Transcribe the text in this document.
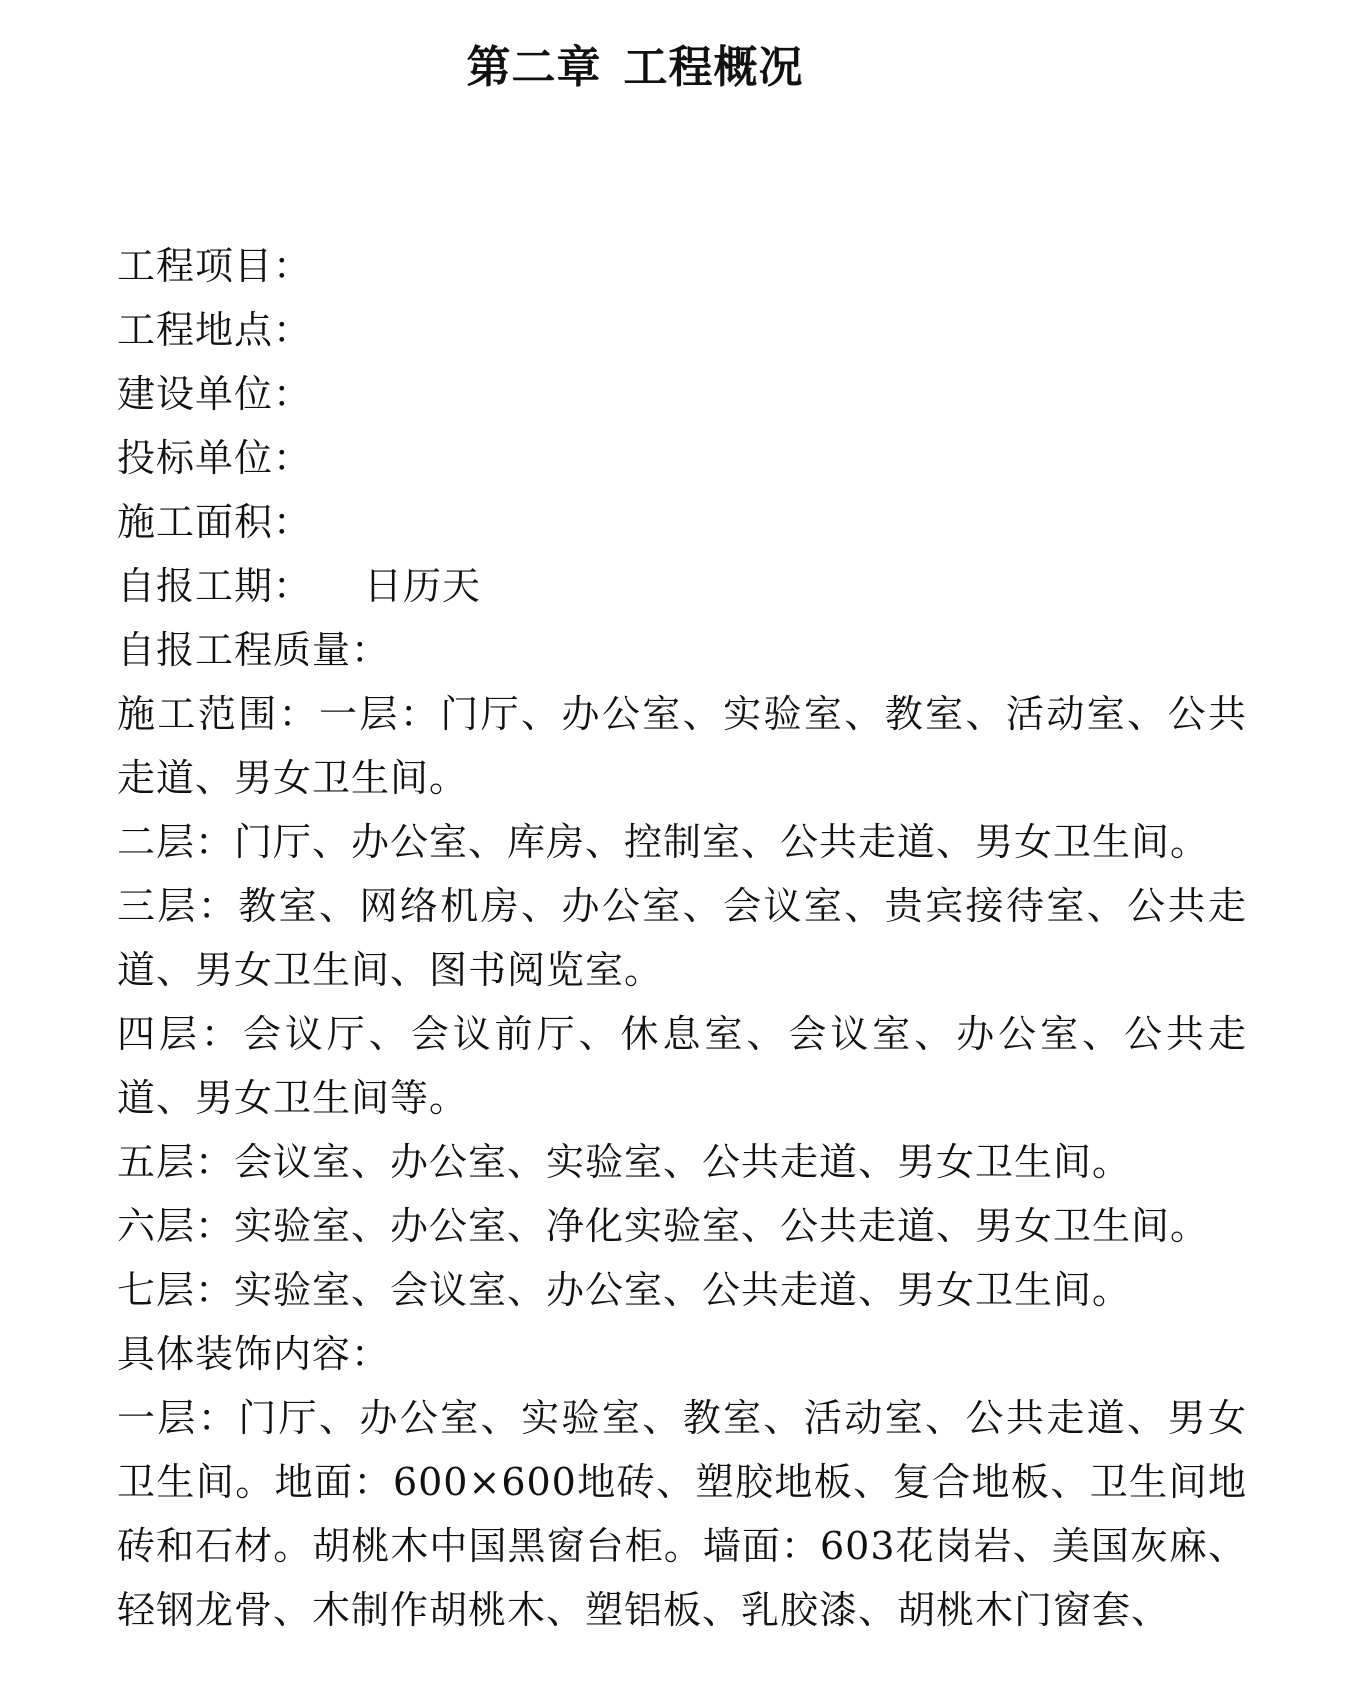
第二章 工程概况
工程项目：
工程地点：
建设单位：
投标单位：
施工面积：
自报工期： 日历天
自报工程质量：
施工范围：一层：门厅、办公室、实验室、教室、活动室、公共走道、男女卫生间。
二层：门厅、办公室、库房、控制室、公共走道、男女卫生间。
三层：教室、网络机房、办公室、会议室、贵宾接待室、公共走道、男女卫生间、图书阅览室。
四层：会议厅、会议前厅、休息室、会议室、办公室、公共走道、男女卫生间等。
五层：会议室、办公室、实验室、公共走道、男女卫生间。
六层：实验室、办公室、净化实验室、公共走道、男女卫生间。
七层：实验室、会议室、办公室、公共走道、男女卫生间。
具体装饰内容：
一层：门厅、办公室、实验室、教室、活动室、公共走道、男女卫生间。地面：600×600地砖、塑胶地板、复合地板、卫生间地砖和石材。胡桃木中国黑窗台柜。墙面：603花岗岩、美国灰麻、轻钢龙骨、木制作胡桃木、塑铝板、乳胶漆、胡桃木门窗套、
